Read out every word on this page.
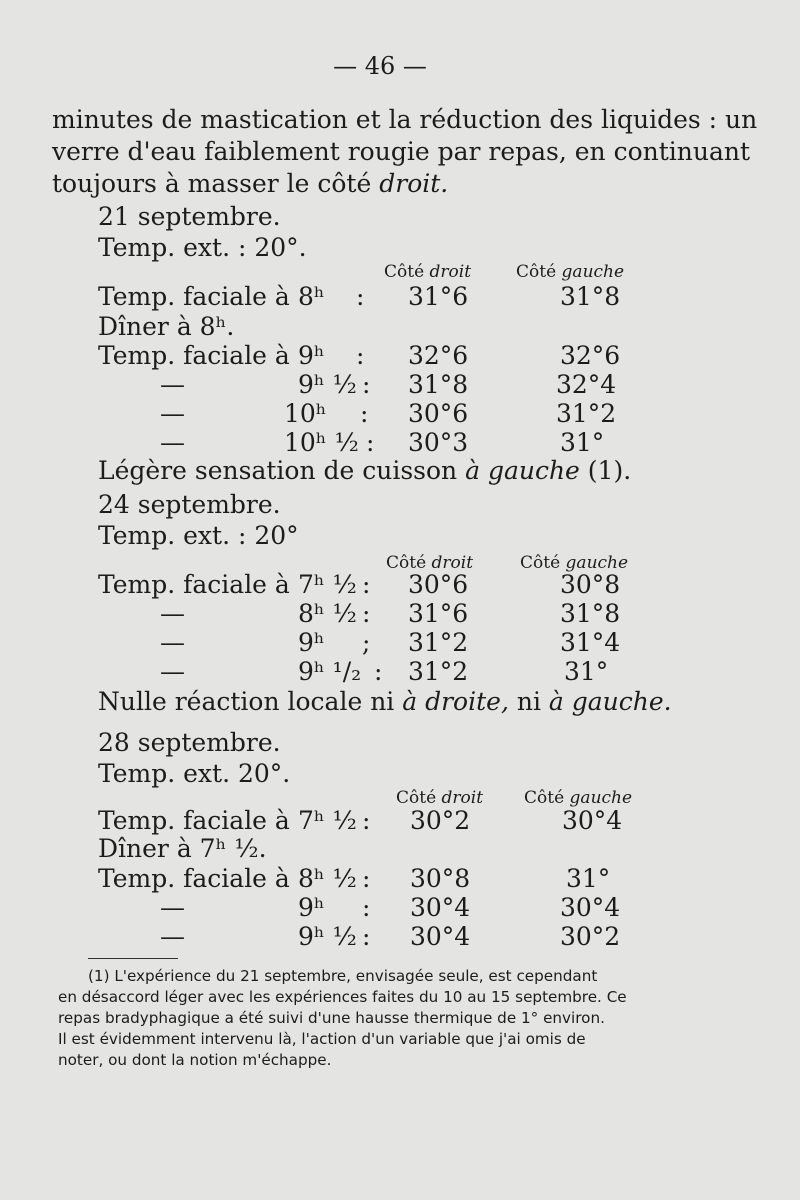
— 46 —
minutes de mastication et la réduction des liquides : un
verre d'eau faiblement rougie par repas, en continuant
toujours à masser le côté droit.
21 septembre.
Temp. ext. : 20°.
Côté droit	Côté gauche
Temp. faciale à 8ʰ : 31°6	31°8
Dîner à 8ʰ.
Temp. faciale à 9ʰ : 32°6	32°6
—	9ʰ ½ : 31°8	32°4
—	10ʰ : 30°6	31°2
—	10ʰ ½ : 30°3	31°
Légère sensation de cuisson à gauche (1).
24 septembre.
Temp. ext. : 20°
Côté droit	Côté gauche
Temp. faciale à 7ʰ ½ : 30°6	30°8
—	8ʰ ½ : 31°6	31°8
—	9ʰ ; 31°2	31°4
—	9ʰ ¹/₂ : 31°2	31°
Nulle réaction locale ni à droite, ni à gauche.
28 septembre.
Temp. ext. 20°.
Côté droit Côté gauche
Temp. faciale à 7ʰ ½ : 30°2	30°4
Dîner à 7ʰ ½.
Temp. faciale à 8ʰ ½ : 30°8	31°
—	9ʰ : 30°4	30°4
—	9ʰ ½ : 30°4	30°2

(1) L'expérience du 21 septembre, envisagée seule, est cependant

en désaccord léger avec les expériences faites du 10 au 15 septembre. Ce

repas bradyphagique a été suivi d'une hausse thermique de 1° environ.

Il est évidemment intervenu là, l'action d'un variable que j'ai omis de

noter, ou dont la notion m'échappe.
